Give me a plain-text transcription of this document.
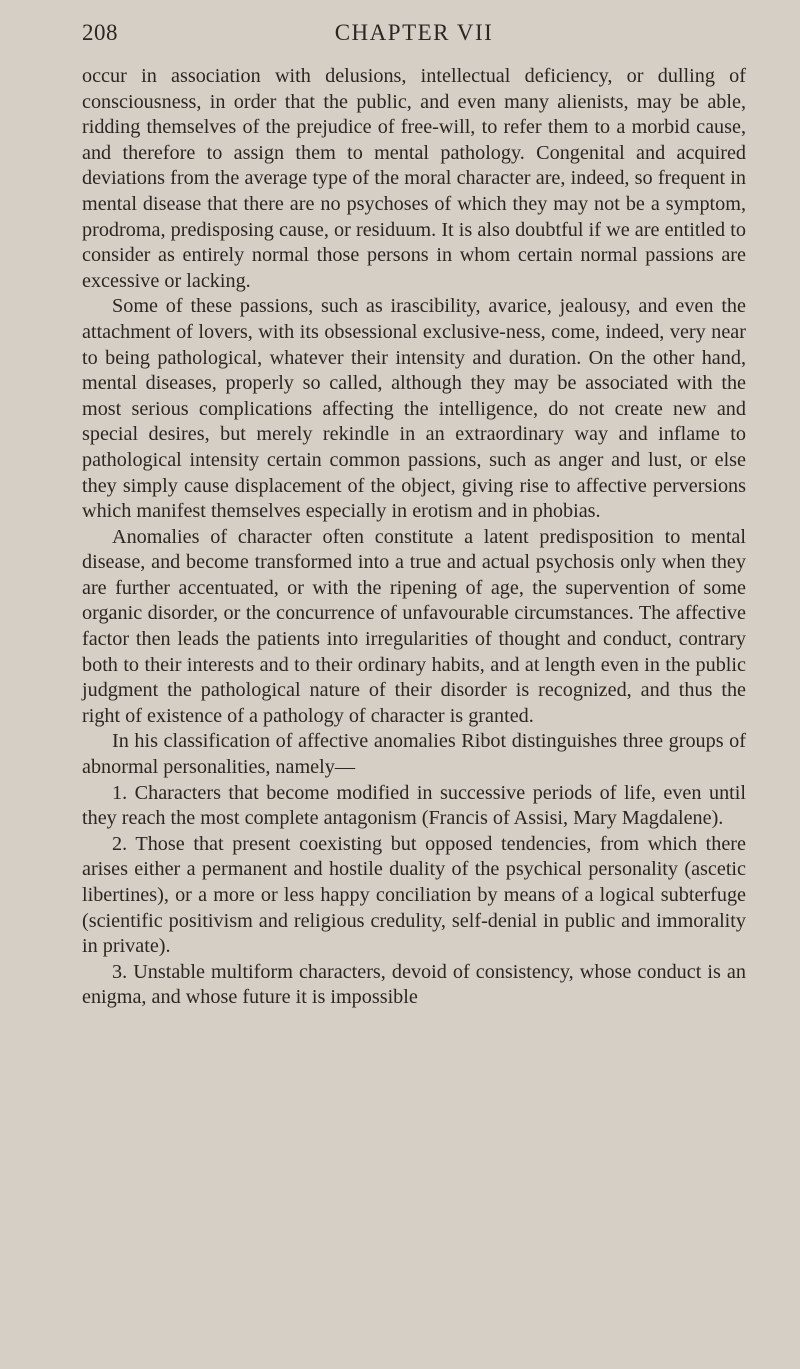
208	CHAPTER VII

occur in association with delusions, intellectual deficiency, or dulling of consciousness, in order that the public, and even many alienists, may be able, ridding themselves of the prejudice of free-will, to refer them to a morbid cause, and therefore to assign them to mental pathology. Congenital and acquired deviations from the average type of the moral character are, indeed, so frequent in mental disease that there are no psychoses of which they may not be a symptom, prodroma, predisposing cause, or residuum. It is also doubtful if we are entitled to consider as entirely normal those persons in whom certain normal passions are excessive or lacking.

Some of these passions, such as irascibility, avarice, jealousy, and even the attachment of lovers, with its obsessional exclusive-ness, come, indeed, very near to being pathological, whatever their intensity and duration. On the other hand, mental diseases, properly so called, although they may be associated with the most serious complications affecting the intelligence, do not create new and special desires, but merely rekindle in an extraordinary way and inflame to pathological intensity certain common passions, such as anger and lust, or else they simply cause displacement of the object, giving rise to affective perversions which manifest themselves especially in erotism and in phobias.

Anomalies of character often constitute a latent predisposition to mental disease, and become transformed into a true and actual psychosis only when they are further accentuated, or with the ripening of age, the supervention of some organic disorder, or the concurrence of unfavourable circumstances. The affective factor then leads the patients into irregularities of thought and conduct, contrary both to their interests and to their ordinary habits, and at length even in the public judgment the pathological nature of their disorder is recognized, and thus the right of existence of a pathology of character is granted.

In his classification of affective anomalies Ribot distinguishes three groups of abnormal personalities, namely—

1. Characters that become modified in successive periods of life, even until they reach the most complete antagonism (Francis of Assisi, Mary Magdalene).

2. Those that present coexisting but opposed tendencies, from which there arises either a permanent and hostile duality of the psychical personality (ascetic libertines), or a more or less happy conciliation by means of a logical subterfuge (scientific positivism and religious credulity, self-denial in public and immorality in private).

3. Unstable multiform characters, devoid of consistency, whose conduct is an enigma, and whose future it is impossible
